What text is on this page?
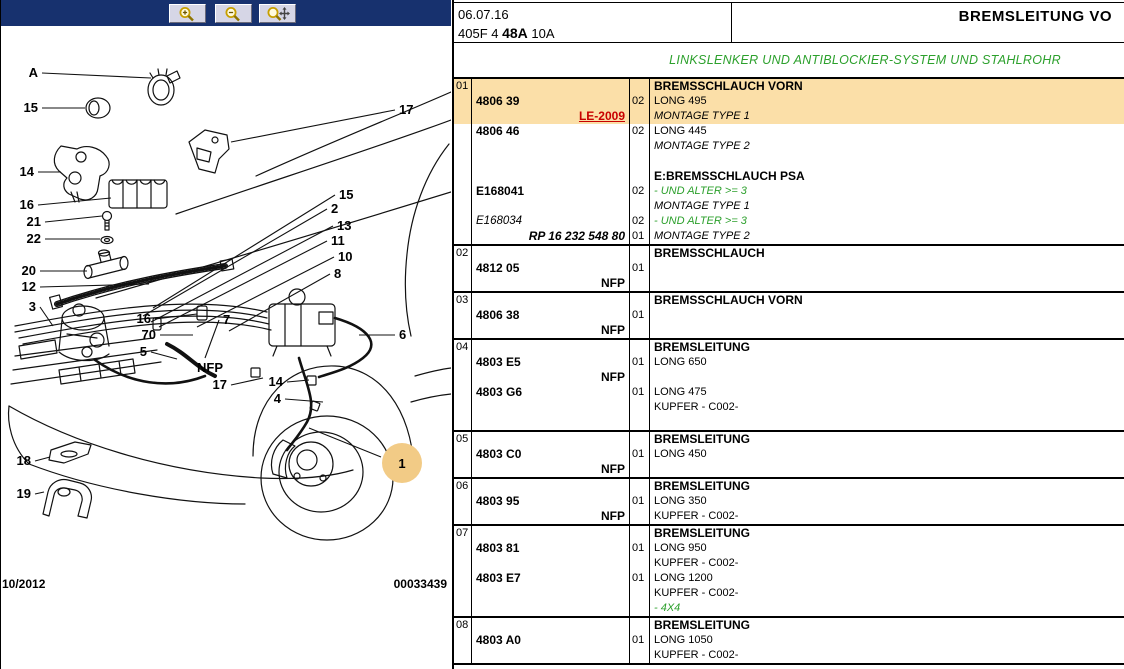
A
15
14
16
21
22
20
12
3
18
19
17
15
2
13
11
10
8
6
16
70
5
7
NFP
17	14
4
1
10/2012	00033439
06.07.16
405F 4 48A 10A
BREMSLEITUNG VO
LINKSLENKER UND ANTIBLOCKIER-SYSTEM UND STAHLROHR
01	BREMSSCHLAUCH VORN
4806 39	02 LONG 495
LE-2009	MONTAGE TYPE 1
4806 46	02 LONG 445
MONTAGE TYPE 2
E:BREMSSCHLAUCH PSA
E168041	02 - UND ALTER >= 3
MONTAGE TYPE 1
E168034	02 - UND ALTER >= 3
RP 16 232 548 80 01 MONTAGE TYPE 2
02	BREMSSCHLAUCH
4812 05	01
NFP
03	BREMSSCHLAUCH VORN
4806 38	01
NFP
04	BREMSLEITUNG
4803 E5	01 LONG 650
NFP
4803 G6	01 LONG 475
KUPFER - C002-
05	BREMSLEITUNG
4803 C0	01 LONG 450
NFP
06	BREMSLEITUNG
4803 95	01 LONG 350
NFP	KUPFER - C002-
07	BREMSLEITUNG
4803 81	01 LONG 950
KUPFER - C002-
4803 E7	01 LONG 1200
KUPFER - C002-
- 4X4
08	BREMSLEITUNG
4803 A0	01 LONG 1050
KUPFER - C002-
